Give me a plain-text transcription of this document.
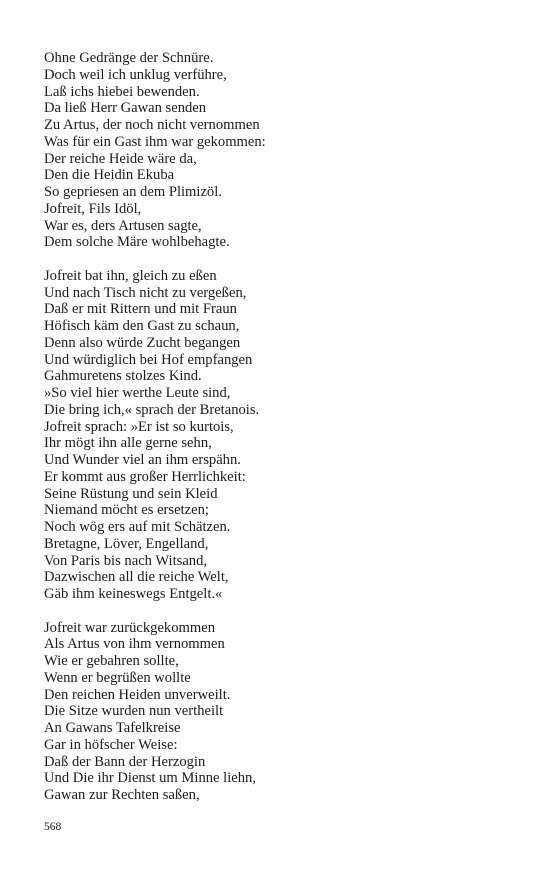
Ohne Gedränge der Schnüre.
Doch weil ich unklug verführe,
Laß ichs hiebei bewenden.
Da ließ Herr Gawan senden
Zu Artus, der noch nicht vernommen
Was für ein Gast ihm war gekommen:
Der reiche Heide wäre da,
Den die Heidin Ekuba
So gepriesen an dem Plimizöl.
Jofreit, Fils Idöl,
War es, ders Artusen sagte,
Dem solche Märe wohlbehagte.
Jofreit bat ihn, gleich zu eßen
Und nach Tisch nicht zu vergeßen,
Daß er mit Rittern und mit Fraun
Höfisch käm den Gast zu schaun,
Denn also würde Zucht begangen
Und würdiglich bei Hof empfangen
Gahmuretens stolzes Kind.
»So viel hier werthe Leute sind,
Die bring ich,« sprach der Bretanois.
Jofreit sprach: »Er ist so kurtois,
Ihr mögt ihn alle gerne sehn,
Und Wunder viel an ihm erspähn.
Er kommt aus großer Herrlichkeit:
Seine Rüstung und sein Kleid
Niemand möcht es ersetzen;
Noch wög ers auf mit Schätzen.
Bretagne, Löver, Engelland,
Von Paris bis nach Witsand,
Dazwischen all die reiche Welt,
Gäb ihm keineswegs Entgelt.«
Jofreit war zurückgekommen
Als Artus von ihm vernommen
Wie er gebahren sollte,
Wenn er begrüßen wollte
Den reichen Heiden unverweilt.
Die Sitze wurden nun vertheilt
An Gawans Tafelkreise
Gar in höfscher Weise:
Daß der Bann der Herzogin
Und Die ihr Dienst um Minne liehn,
Gawan zur Rechten saßen,
568
